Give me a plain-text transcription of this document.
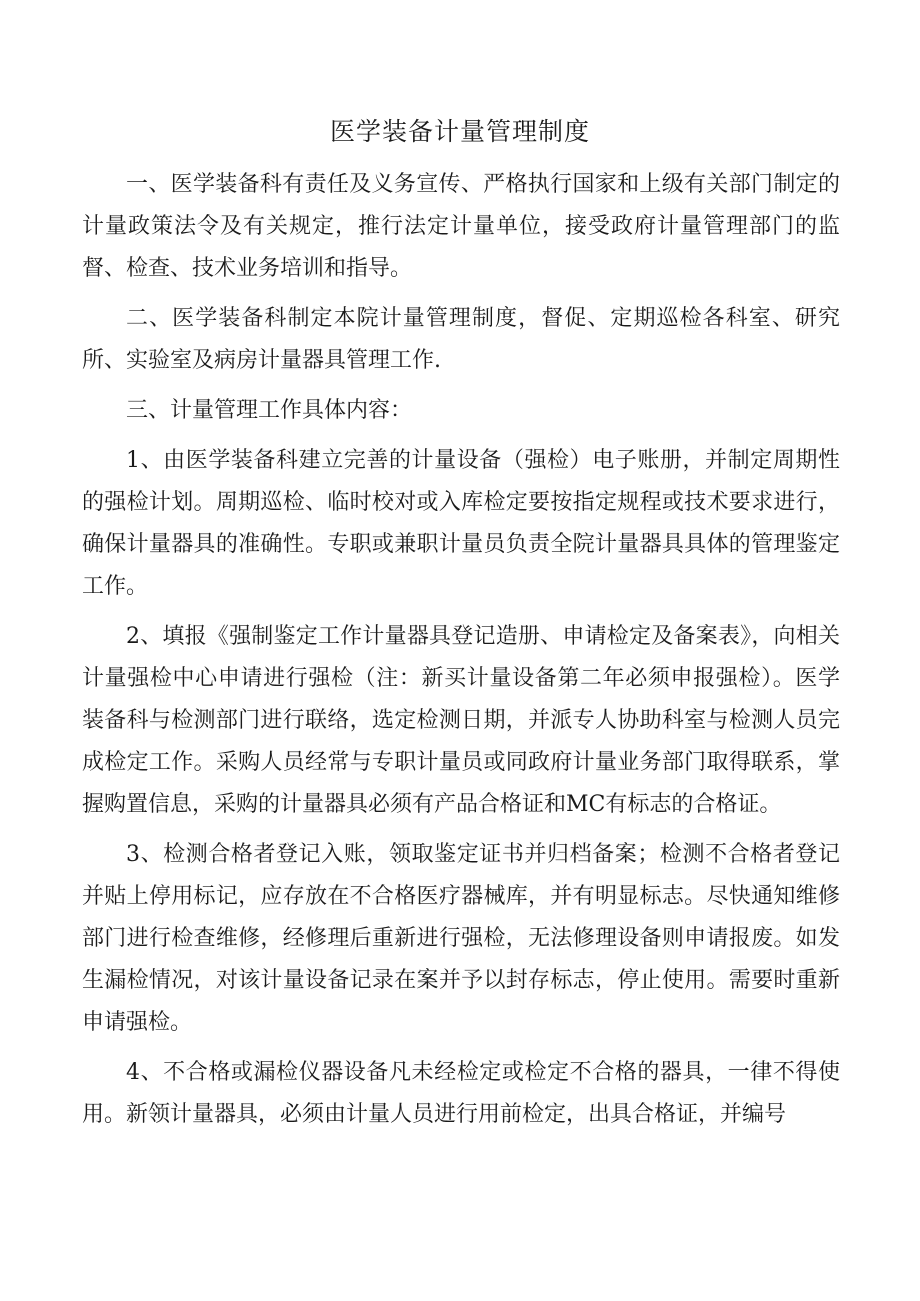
医学装备计量管理制度

一、医学装备科有责任及义务宣传、严格执行国家和上级有关部门制定的计量政策法令及有关规定，推行法定计量单位，接受政府计量管理部门的监督、检查、技术业务培训和指导。

二、医学装备科制定本院计量管理制度，督促、定期巡检各科室、研究所、实验室及病房计量器具管理工作.

三、计量管理工作具体内容：

1、由医学装备科建立完善的计量设备（强检）电子账册，并制定周期性的强检计划。周期巡检、临时校对或入库检定要按指定规程或技术要求进行，确保计量器具的准确性。专职或兼职计量员负责全院计量器具具体的管理鉴定工作。

2、填报《强制鉴定工作计量器具登记造册、申请检定及备案表》，向相关计量强检中心申请进行强检（注：新买计量设备第二年必须申报强检）。医学装备科与检测部门进行联络，选定检测日期，并派专人协助科室与检测人员完成检定工作。采购人员经常与专职计量员或同政府计量业务部门取得联系，掌握购置信息，采购的计量器具必须有产品合格证和MC有标志的合格证。

3、检测合格者登记入账，领取鉴定证书并归档备案；检测不合格者登记并贴上停用标记，应存放在不合格医疗器械库，并有明显标志。尽快通知维修部门进行检查维修，经修理后重新进行强检，无法修理设备则申请报废。如发生漏检情况，对该计量设备记录在案并予以封存标志，停止使用。需要时重新申请强检。

4、不合格或漏检仪器设备凡未经检定或检定不合格的器具，一律不得使用。新领计量器具，必须由计量人员进行用前检定，出具合格证，并编号
